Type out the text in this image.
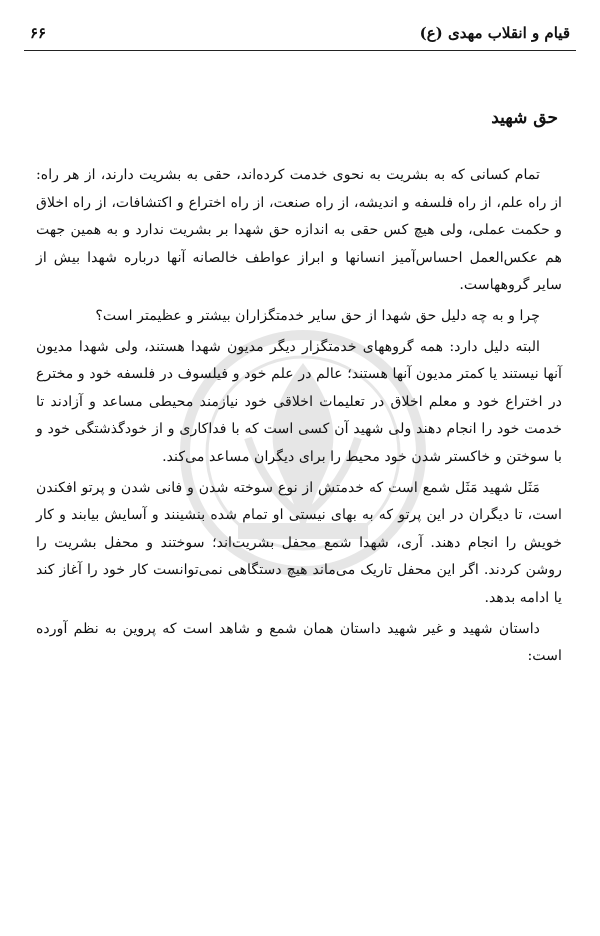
قیام و انقلاب مهدی (ع)
۶۶
حق شهید

تمام کسانی که به بشریت به نحوی خدمت کرده‌اند، حقی به بشریت دارند، از هر راه: از راه علم، از راه فلسفه و اندیشه، از راه صنعت، از راه اختراع و اکتشافات، از راه اخلاق و حکمت عملی، ولی هیچ کس حقی به اندازه حق شهدا بر بشریت ندارد و به همین جهت هم عکس‌العمل احساس‌آمیز انسانها و ابراز عواطف خالصانه آنها درباره شهدا بیش از سایر گروههاست.

چرا و به چه دلیل حق شهدا از حق سایر خدمتگزاران بیشتر و عظیمتر است؟

البته دلیل دارد: همه گروههای خدمتگزار دیگر مدیون شهدا هستند، ولی شهدا مدیون آنها نیستند یا کمتر مدیون آنها هستند؛ عالم در علم خود و فیلسوف در فلسفه خود و مخترع در اختراع خود و معلم اخلاق در تعلیمات اخلاقی خود نیازمند محیطی مساعد و آزادند تا خدمت خود را انجام دهند ولی شهید آن کسی است که با فداکاری و از خودگذشتگی خود و با سوختن و خاکستر شدن خود محیط را برای دیگران مساعد می‌کند.

مَثَل شهید مَثَل شمع است که خدمتش از نوع سوخته شدن و فانی شدن و پرتو افکندن است، تا دیگران در این پرتو که به بهای نیستی او تمام شده بنشینند و آسایش بیابند و کار خویش را انجام دهند. آری، شهدا شمع محفل بشریت‌اند؛ سوختند و محفل بشریت را روشن کردند. اگر این محفل تاریک می‌ماند هیچ دستگاهی نمی‌توانست کار خود را آغاز کند یا ادامه بدهد.

داستان شهید و غیر شهید داستان همان شمع و شاهد است که پروین به نظم آورده است:
